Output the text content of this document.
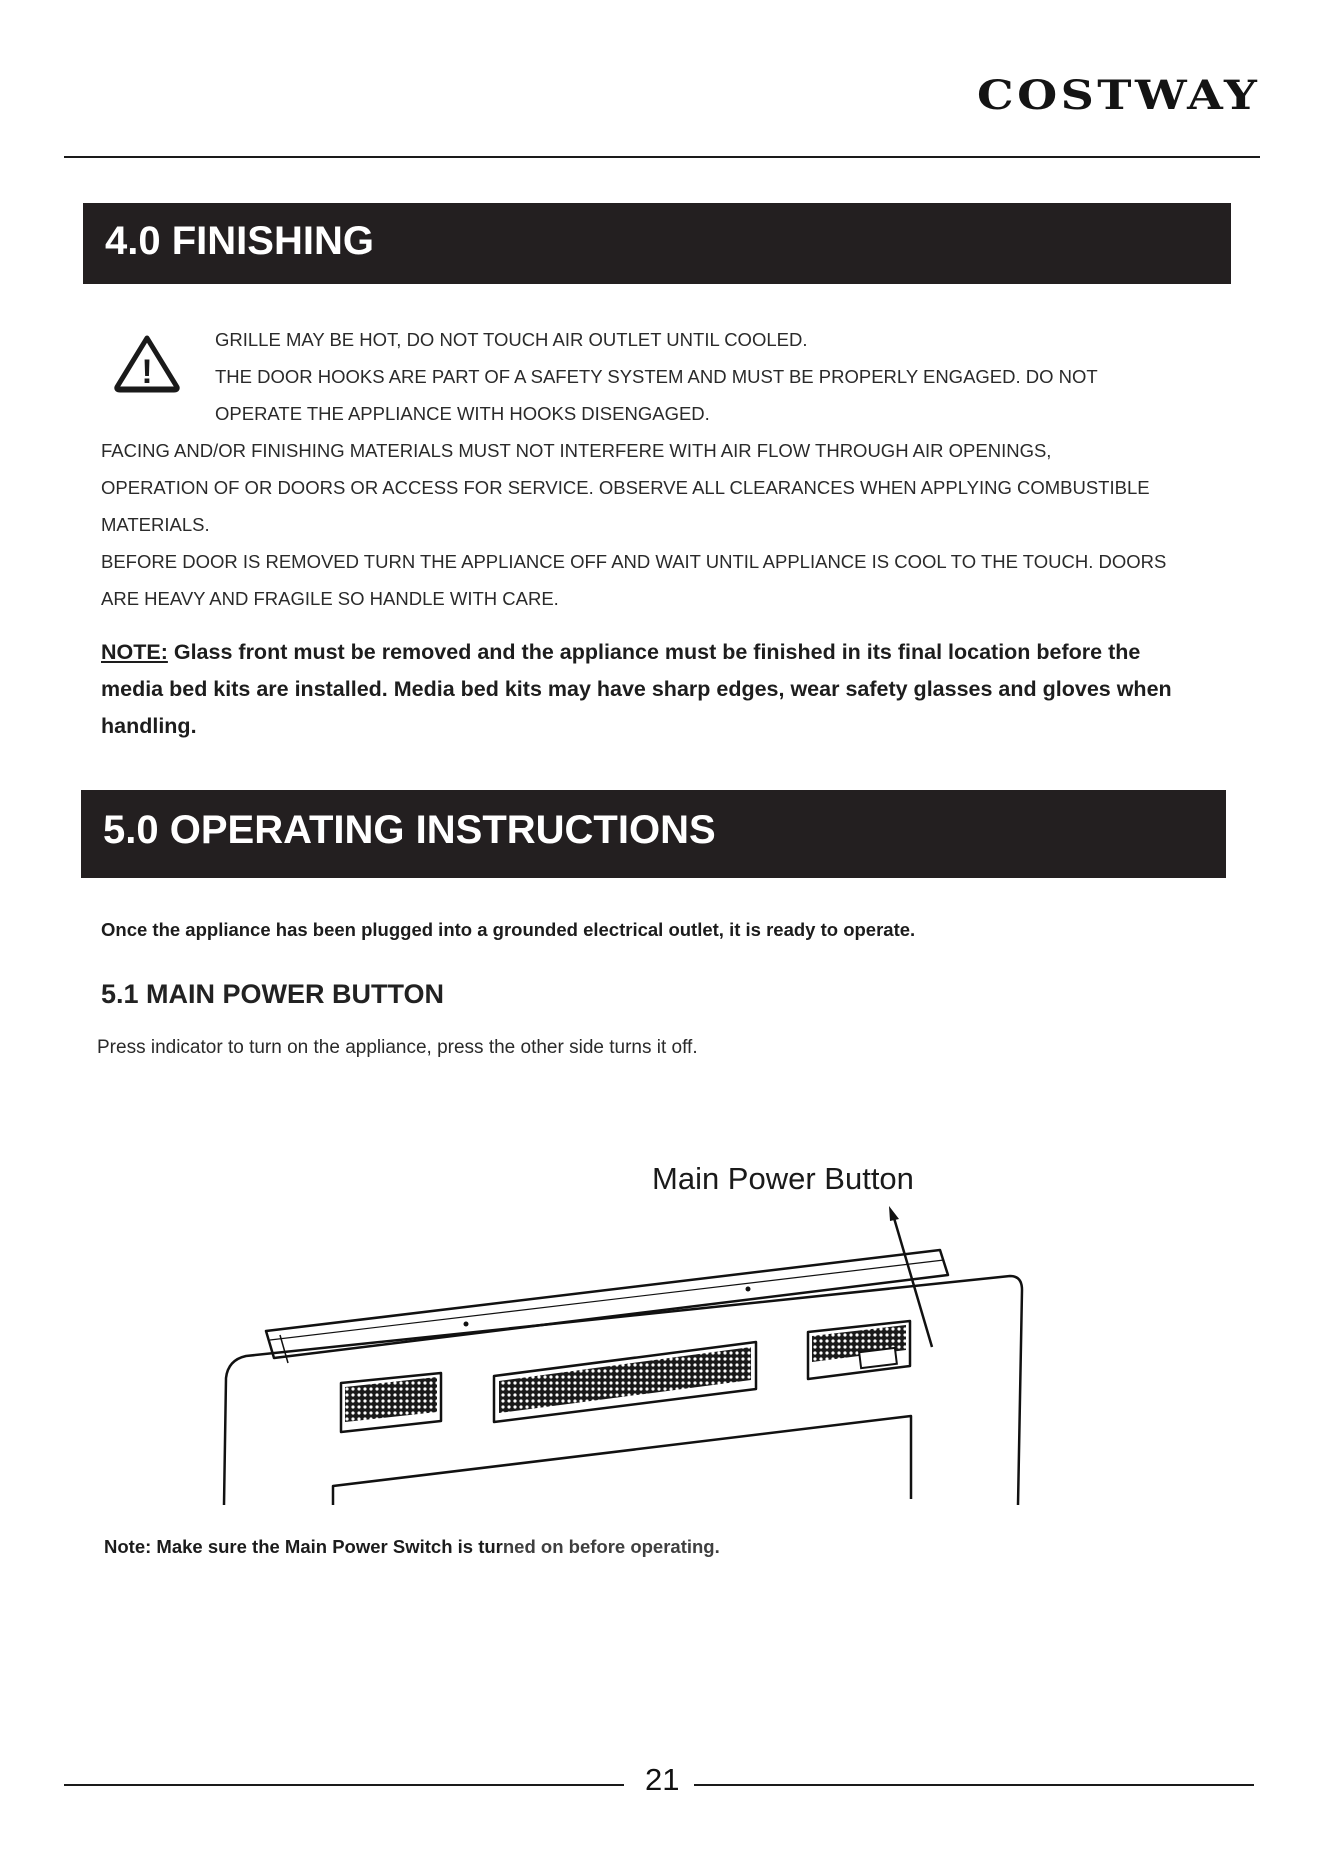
COSTWAY
4.0 FINISHING
!
GRILLE MAY BE HOT, DO NOT TOUCH AIR OUTLET UNTIL COOLED.
THE DOOR HOOKS ARE PART OF A SAFETY SYSTEM AND MUST BE PROPERLY ENGAGED. DO NOT
OPERATE THE APPLIANCE WITH HOOKS DISENGAGED.
FACING AND/OR FINISHING MATERIALS MUST NOT INTERFERE WITH AIR FLOW THROUGH AIR OPENINGS,
OPERATION OF OR DOORS OR ACCESS FOR SERVICE. OBSERVE ALL CLEARANCES WHEN APPLYING COMBUSTIBLE
MATERIALS.
BEFORE DOOR IS REMOVED TURN THE APPLIANCE OFF AND WAIT UNTIL APPLIANCE IS COOL TO THE TOUCH. DOORS
ARE HEAVY AND FRAGILE SO HANDLE WITH CARE.
NOTE: Glass front must be removed and the appliance must be finished in its final location before the
media bed kits are installed. Media bed kits may have sharp edges, wear safety glasses and gloves when
handling.
5.0 OPERATING INSTRUCTIONS
Once the appliance has been plugged into a grounded electrical outlet, it is ready to operate.
5.1 MAIN POWER BUTTON
Press indicator to turn on the appliance, press the other side turns it off.
Main Power Button
Note: Make sure the Main Power Switch is turned on before operating.
21
